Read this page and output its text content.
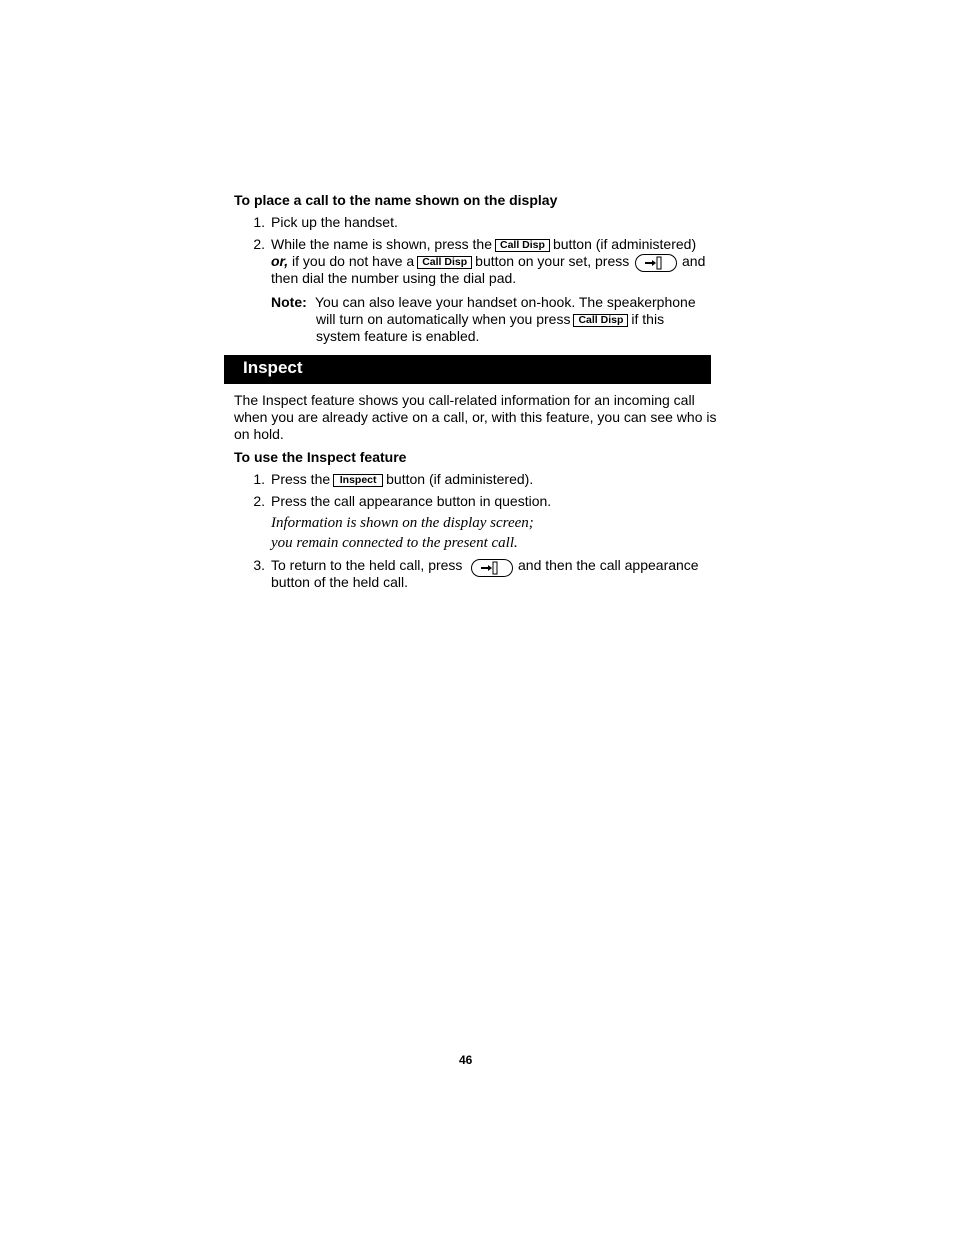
To place a call to the name shown on the display
1. Pick up the handset.
2. While the name is shown, press the Call Disp button (if administered)
or, if you do not have a Call Disp button on your set, press	and
then dial the number using the dial pad.
Note: You can also leave your handset on-hook. The speakerphone
will turn on automatically when you press Call Disp if this
system feature is enabled.
Inspect
The Inspect feature shows you call-related information for an incoming call
when you are already active on a call, or, with this feature, you can see who is
on hold.
To use the Inspect feature
1. Press the Inspect button (if administered).
2. Press the call appearance button in question.
Information is shown on the display screen;
you remain connected to the present call.
3. To return to the held call, press	and then the call appearance
button of the held call.
46
